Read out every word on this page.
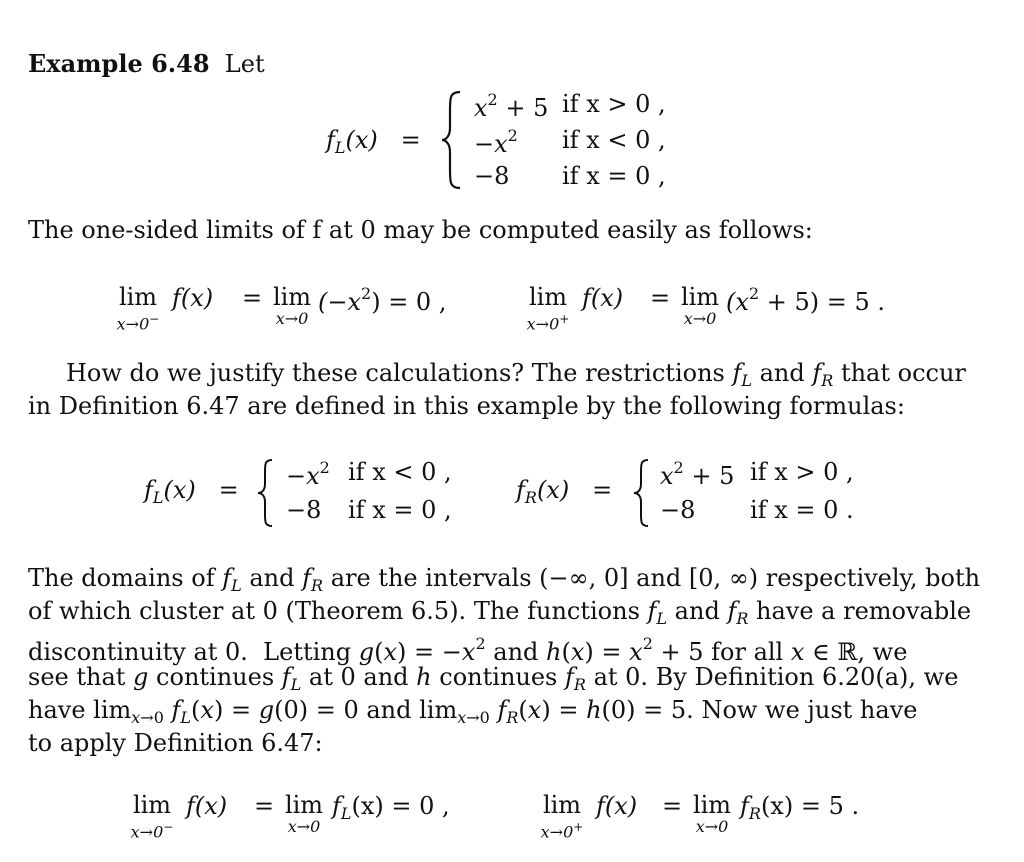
Example 6.48 Let
$f_L(x)$ =
$x^2 + 5$ if x > 0 ,
$-x^2$ if x < 0 ,
−8 if x = 0 ,
The one-sided limits of f at 0 may be computed easily as follows:
lim
x→0−
f(x) = lim
x→0
$(-x^2) = 0$ ,	lim
x→0+
f(x) = lim
x→0
$(x^2 + 5) = 5$ .
How do we justify these calculations? The restrictions $f_L$ and $f_R$ that occur
in Definition 6.47 are defined in this example by the following formulas:
$f_L(x) = -x^2$ if x < 0 ,
−8 if x = 0 ,
$f_R(x) = x^2 + 5$ if x > 0 ,
−8 if x = 0 .
The domains of $f_L$ and $f_R$ are the intervals (−∞, 0] and [0, ∞) respectively, both
of which cluster at 0 (Theorem 6.5). The functions $f_L$ and $f_R$ have a removable
discontinuity at 0.  Letting $g(x) = -x^2$ and $h(x) = x^2 + 5$ for all x ∈ ℝ, we
see that g continues $f_L$ at 0 and h continues $f_R$ at 0. By Definition 6.20(a), we
have $\lim_{x\to 0} f_L(x) = g(0) = 0$ and $\lim_{x\to 0} f_R(x) = h(0) = 5$. Now we just have
to apply Definition 6.47:
lim
x→0−
f(x) = lim
x→0
$f_L(x) = 0$ ,	lim
x→0+
f(x) = lim
x→0
$f_R(x) = 5$ .
